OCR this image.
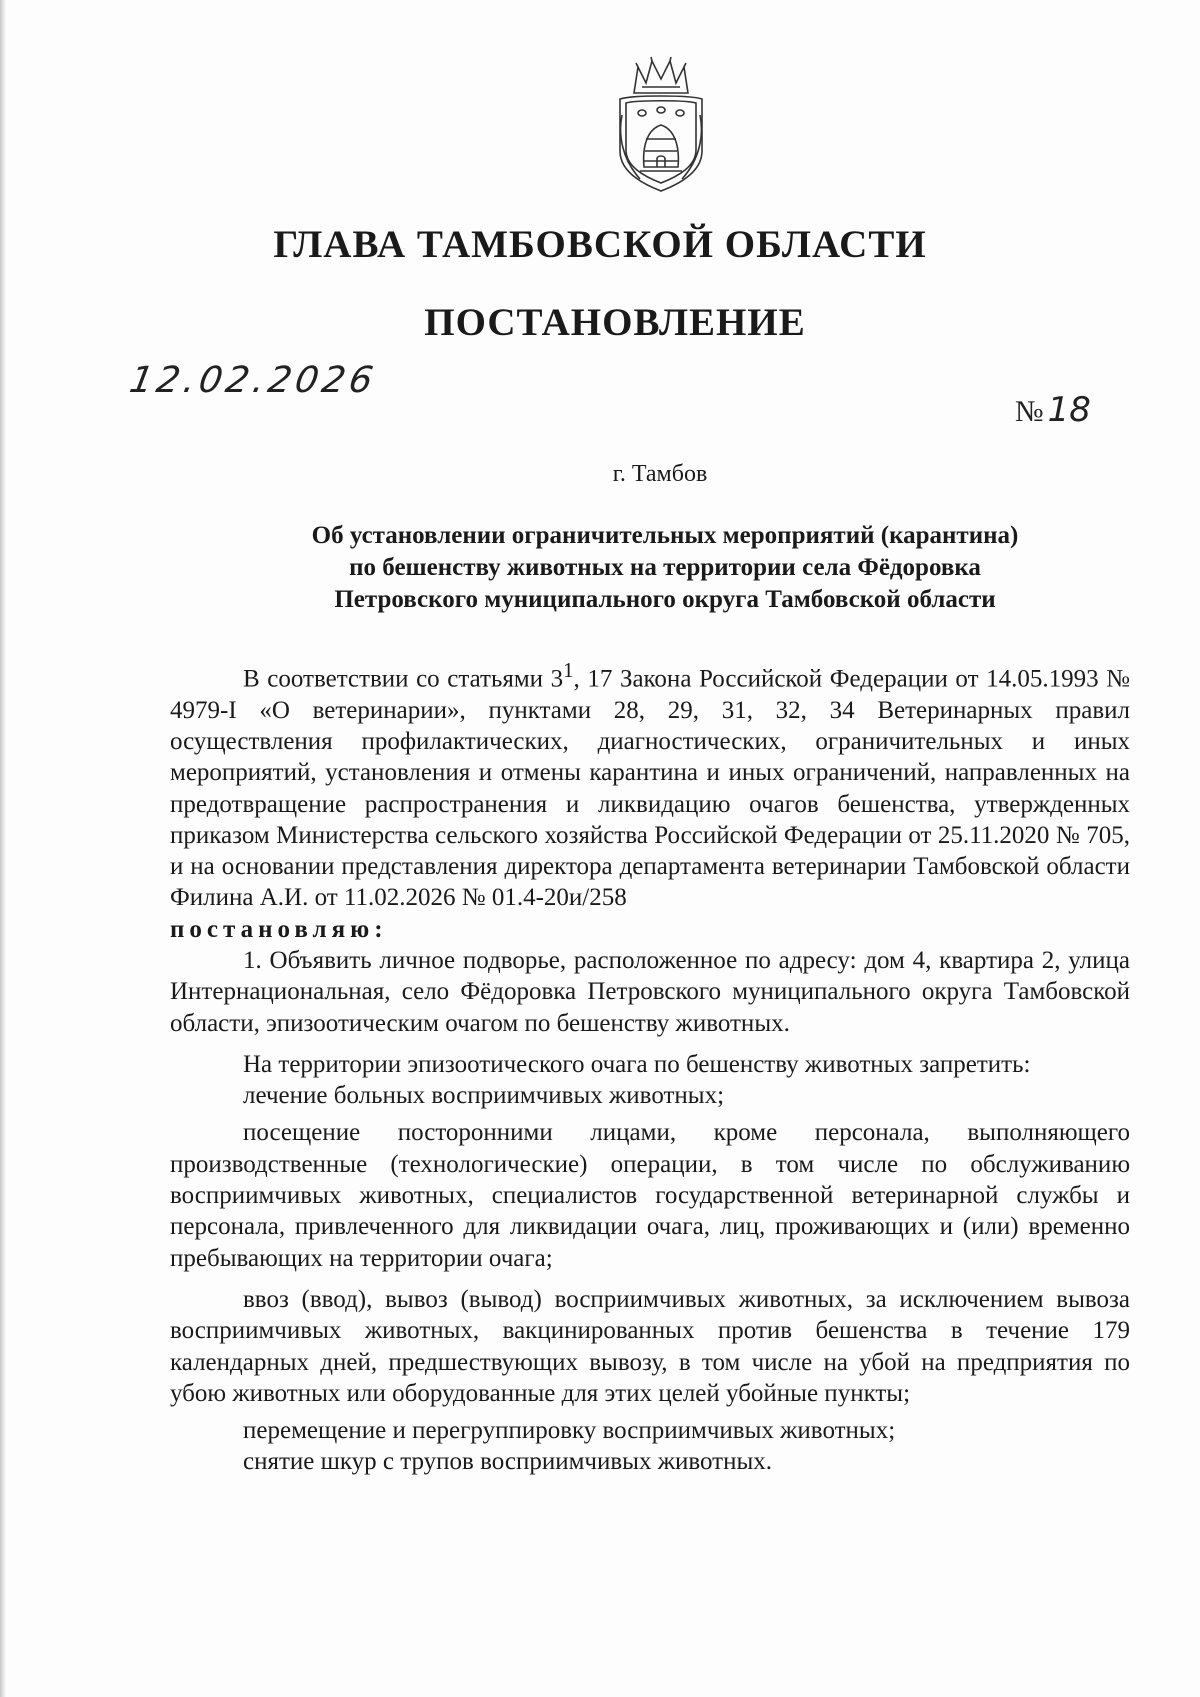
ГЛАВА ТАМБОВСКОЙ ОБЛАСТИ
ПОСТАНОВЛЕНИЕ
12.02.2026
№ 18
г. Тамбов
Об установлении ограничительных мероприятий (карантина)
по бешенству животных на территории села Фёдоровка
Петровского муниципального округа Тамбовской области

В соответствии со статьями $3^1$, 17 Закона Российской Федерации от 14.05.1993 № 4979-I «О ветеринарии», пунктами 28, 29, 31, 32, 34 Ветеринарных правил осуществления профилактических, диагностических, ограничительных и иных мероприятий, установления и отмены карантина и иных ограничений, направленных на предотвращение распространения и ликвидацию очагов бешенства, утвержденных приказом Министерства сельского хозяйства Российской Федерации от 25.11.2020 № 705, и на основании представления директора департамента ветеринарии Тамбовской области Филина А.И. от 11.02.2026 № 01.4-20и/258

постановляю:

1. Объявить личное подворье, расположенное по адресу: дом 4, квартира 2, улица Интернациональная, село Фёдоровка Петровского муниципального округа Тамбовской области, эпизоотическим очагом по бешенству животных.

На территории эпизоотического очага по бешенству животных запретить:

лечение больных восприимчивых животных;

посещение посторонними лицами, кроме персонала, выполняющего производственные (технологические) операции, в том числе по обслуживанию восприимчивых животных, специалистов государственной ветеринарной службы и персонала, привлеченного для ликвидации очага, лиц, проживающих и (или) временно пребывающих на территории очага;

ввоз (ввод), вывоз (вывод) восприимчивых животных, за исключением вывоза восприимчивых животных, вакцинированных против бешенства в течение 179 календарных дней, предшествующих вывозу, в том числе на убой на предприятия по убою животных или оборудованные для этих целей убойные пункты;

перемещение и перегруппировку восприимчивых животных;

снятие шкур с трупов восприимчивых животных.
